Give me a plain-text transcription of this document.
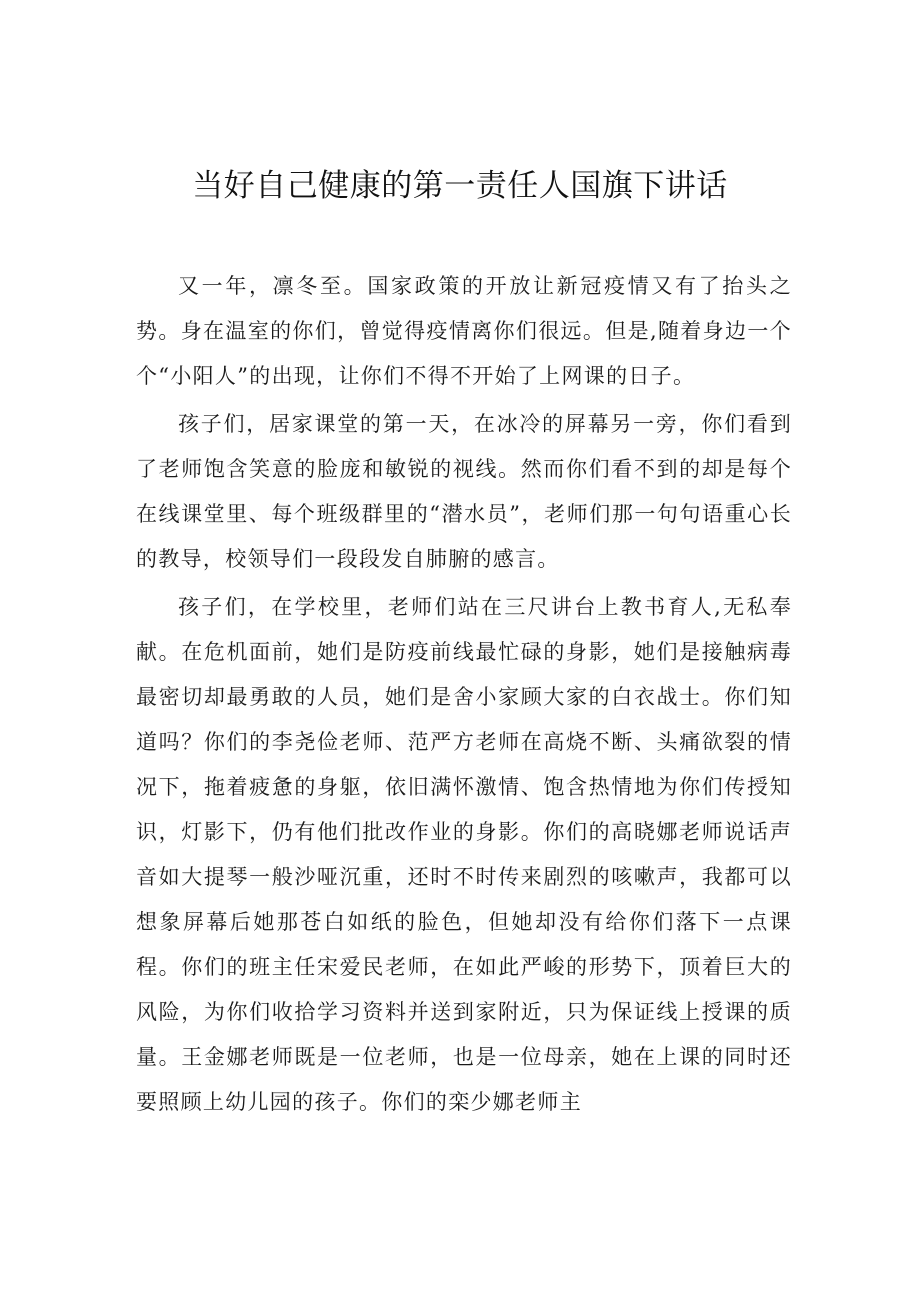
当好自己健康的第一责任人国旗下讲话

又一年，凛冬至。国家政策的开放让新冠疫情又有了抬头之势。身在温室的你们，曾觉得疫情离你们很远。但是,随着身边一个个“小阳人”的出现，让你们不得不开始了上网课的日子。

孩子们，居家课堂的第一天，在冰冷的屏幕另一旁，你们看到了老师饱含笑意的脸庞和敏锐的视线。然而你们看不到的却是每个在线课堂里、每个班级群里的“潜水员”，老师们那一句句语重心长的教导，校领导们一段段发自肺腑的感言。

孩子们，在学校里，老师们站在三尺讲台上教书育人,无私奉献。在危机面前，她们是防疫前线最忙碌的身影，她们是接触病毒最密切却最勇敢的人员，她们是舍小家顾大家的白衣战士。你们知道吗？你们的李尧俭老师、范严方老师在高烧不断、头痛欲裂的情况下，拖着疲惫的身躯，依旧满怀激情、饱含热情地为你们传授知识，灯影下，仍有他们批改作业的身影。你们的高晓娜老师说话声音如大提琴一般沙哑沉重，还时不时传来剧烈的咳嗽声，我都可以想象屏幕后她那苍白如纸的脸色，但她却没有给你们落下一点课程。你们的班主任宋爱民老师，在如此严峻的形势下，顶着巨大的风险，为你们收拾学习资料并送到家附近，只为保证线上授课的质量。王金娜老师既是一位老师，也是一位母亲，她在上课的同时还要照顾上幼儿园的孩子。你们的栾少娜老师主
